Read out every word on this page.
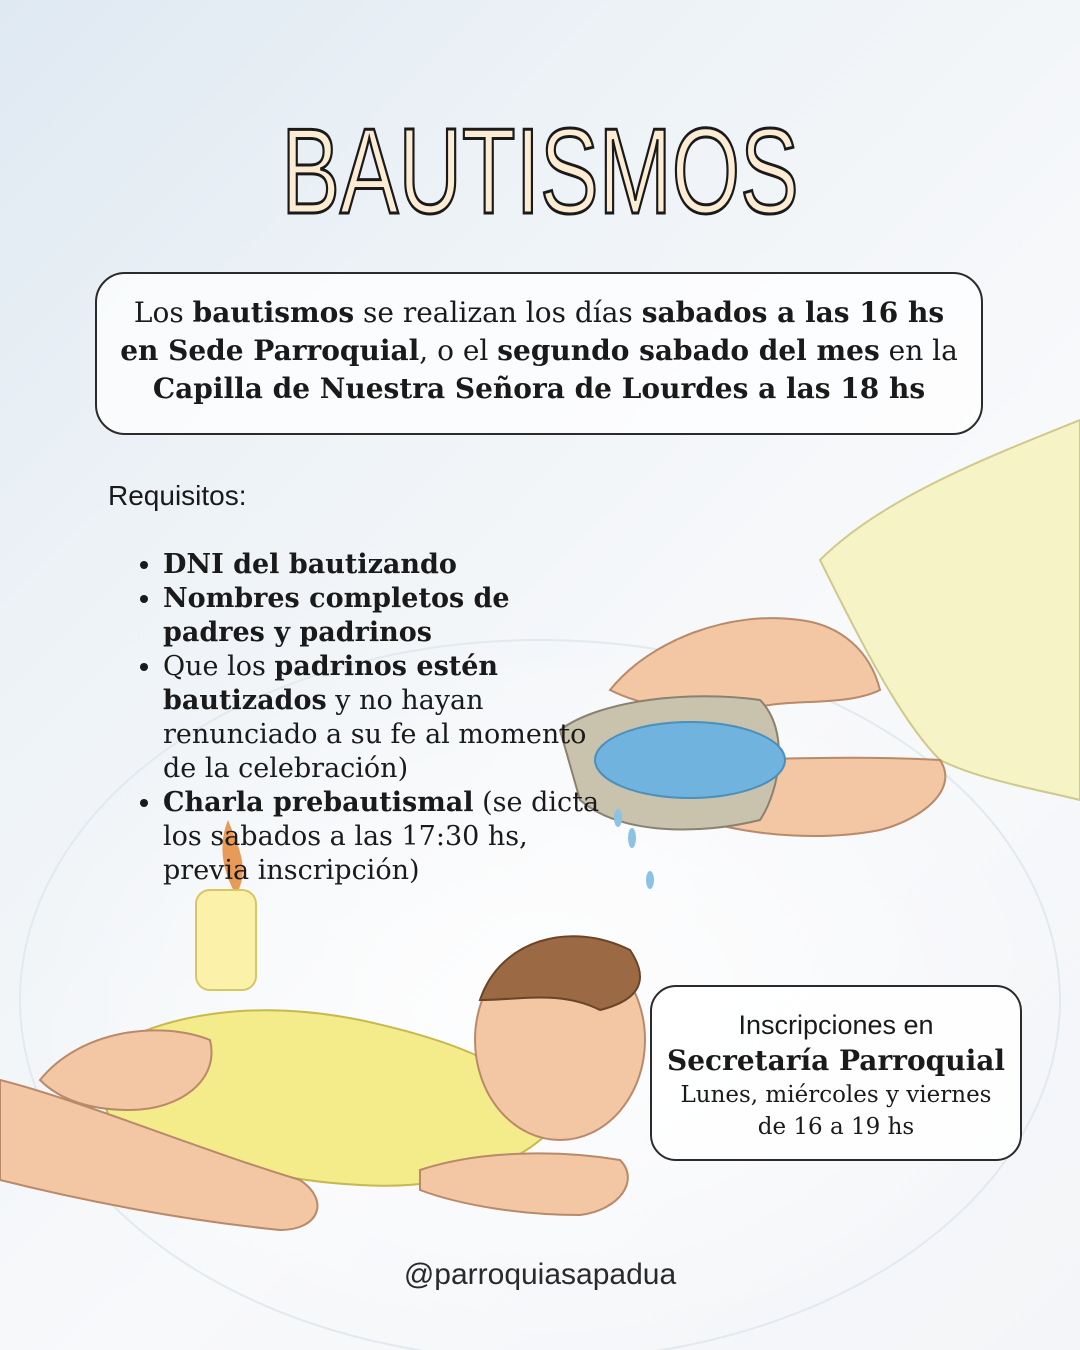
BAUTISMOS
Los bautismos se realizan los días sabados a las 16 hs en Sede Parroquial, o el segundo sabado del mes en la Capilla de Nuestra Señora de Lourdes a las 18 hs
Requisitos:
• DNI del bautizando
• Nombres completos de padres y padrinos
• Que los padrinos estén bautizados y no hayan renunciado a su fe al momento de la celebración)
• Charla prebautismal (se dicta los sabados a las 17:30 hs, previa inscripción)
Inscripciones en
Secretaría Parroquial
Lunes, miércoles y viernes
de 16 a 19 hs
@parroquiasapadua
